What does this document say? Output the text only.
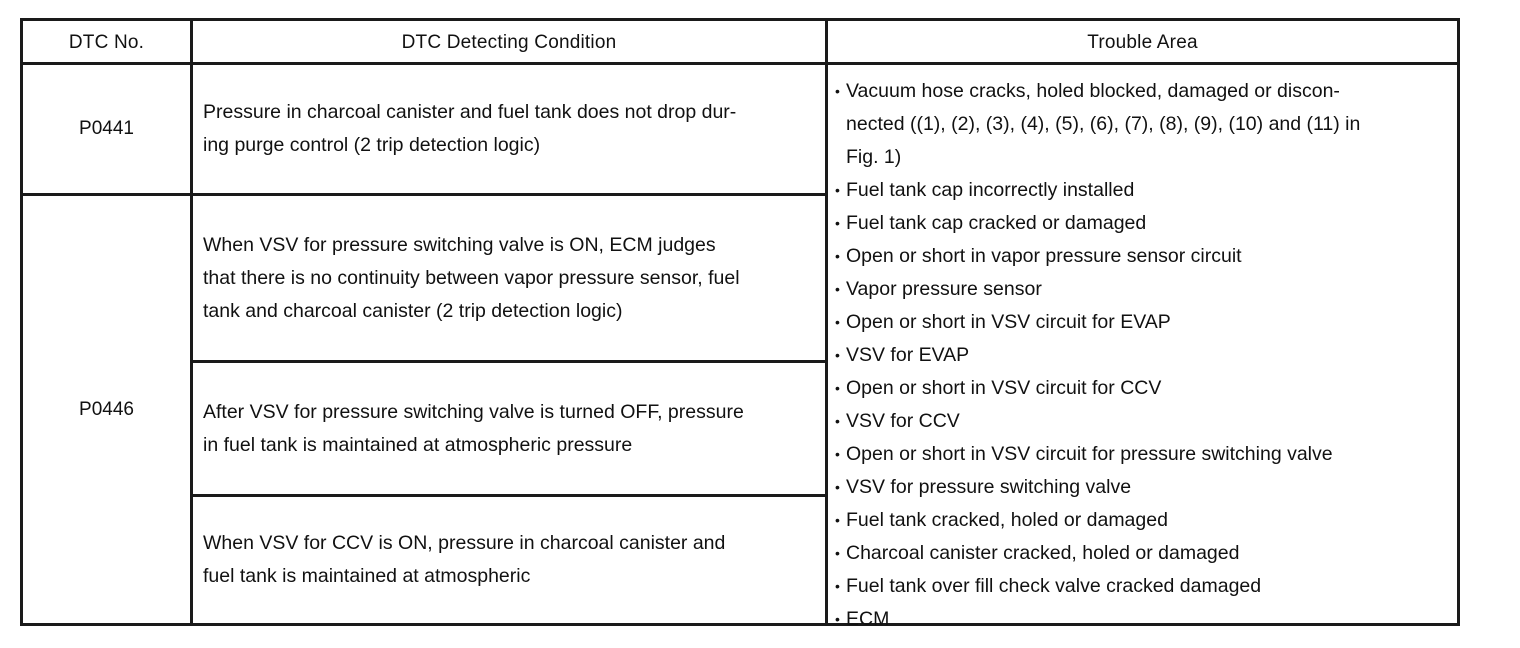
DTC No.	DTC Detecting Condition	Trouble Area
P0441
P0446
Pressure in charcoal canister and fuel tank does not drop dur-
ing purge control (2 trip detection logic)
When VSV for pressure switching valve is ON, ECM judges
that there is no continuity between vapor pressure sensor, fuel
tank and charcoal canister (2 trip detection logic)
After VSV for pressure switching valve is turned OFF, pressure
in fuel tank is maintained at atmospheric pressure
When VSV for CCV is ON, pressure in charcoal canister and
fuel tank is maintained at atmospheric
• Vacuum hose cracks, holed blocked, damaged or discon-
nected ((1), (2), (3), (4), (5), (6), (7), (8), (9), (10) and (11) in
Fig. 1)
• Fuel tank cap incorrectly installed
• Fuel tank cap cracked or damaged
• Open or short in vapor pressure sensor circuit
• Vapor pressure sensor
• Open or short in VSV circuit for EVAP
• VSV for EVAP
• Open or short in VSV circuit for CCV
• VSV for CCV
• Open or short in VSV circuit for pressure switching valve
• VSV for pressure switching valve
• Fuel tank cracked, holed or damaged
• Charcoal canister cracked, holed or damaged
• Fuel tank over fill check valve cracked damaged
• ECM
